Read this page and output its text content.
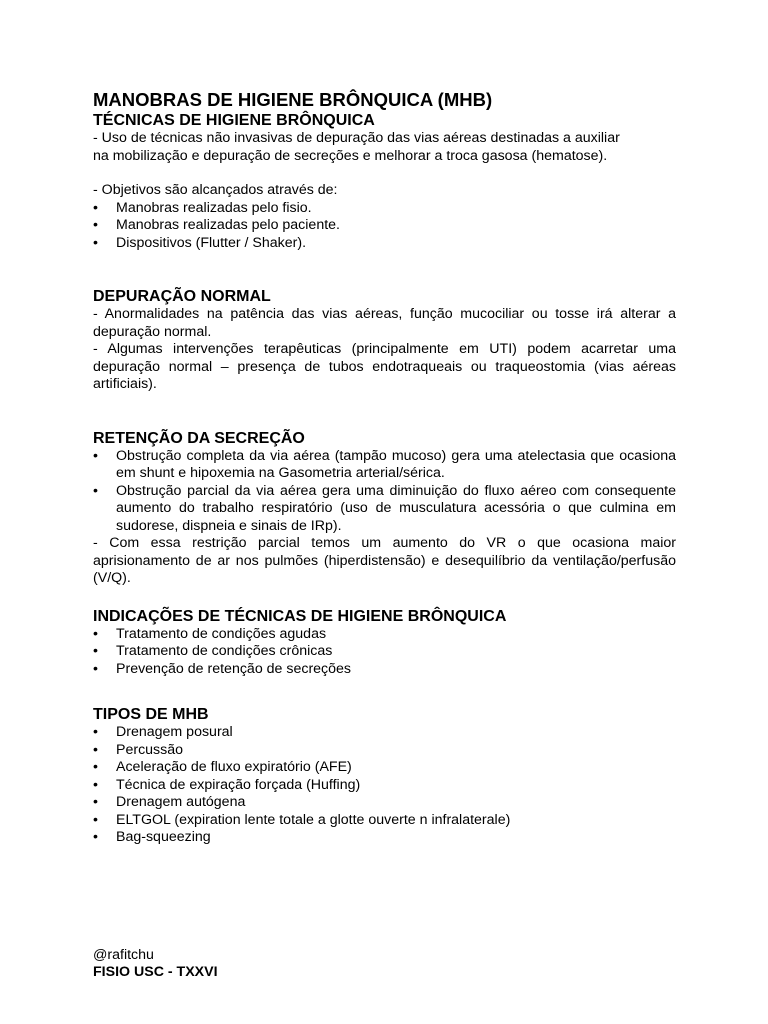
MANOBRAS DE HIGIENE BRÔNQUICA (MHB)
TÉCNICAS DE HIGIENE BRÔNQUICA

- Uso de técnicas não invasivas de depuração das vias aéreas destinadas a auxiliar

na mobilização e depuração de secreções e melhorar a troca gasosa (hematose).

- Objetivos são alcançados através de:

•	Manobras realizadas pelo fisio.
•	Manobras realizadas pelo paciente.
•	Dispositivos (Flutter / Shaker).
DEPURAÇÃO NORMAL

- Anormalidades na patência das vias aéreas, função mucociliar ou tosse irá alterar a depuração normal.

- Algumas intervenções terapêuticas (principalmente em UTI) podem acarretar uma depuração normal – presença de tubos endotraqueais ou traqueostomia (vias aéreas artificiais).

RETENÇÃO DA SECREÇÃO
•	Obstrução completa da via aérea (tampão mucoso) gera uma atelectasia que ocasiona em shunt e hipoxemia na Gasometria arterial/sérica.
•	Obstrução parcial da via aérea gera uma diminuição do fluxo aéreo com consequente aumento do trabalho respiratório (uso de musculatura acessória o que culmina em sudorese, dispneia e sinais de IRp).

- Com essa restrição parcial temos um aumento do VR o que ocasiona maior aprisionamento de ar nos pulmões (hiperdistensão) e desequilíbrio da ventilação/perfusão (V/Q).

INDICAÇÕES DE TÉCNICAS DE HIGIENE BRÔNQUICA
•	Tratamento de condições agudas
•	Tratamento de condições crônicas
•	Prevenção de retenção de secreções
TIPOS DE MHB
•	Drenagem posural
•	Percussão
•	Aceleração de fluxo expiratório (AFE)
•	Técnica de expiração forçada (Huffing)
•	Drenagem autógena
•	ELTGOL (expiration lente totale a glotte ouverte n infralaterale)
•	Bag-squeezing

@rafitchu

FISIO USC - TXXVI
